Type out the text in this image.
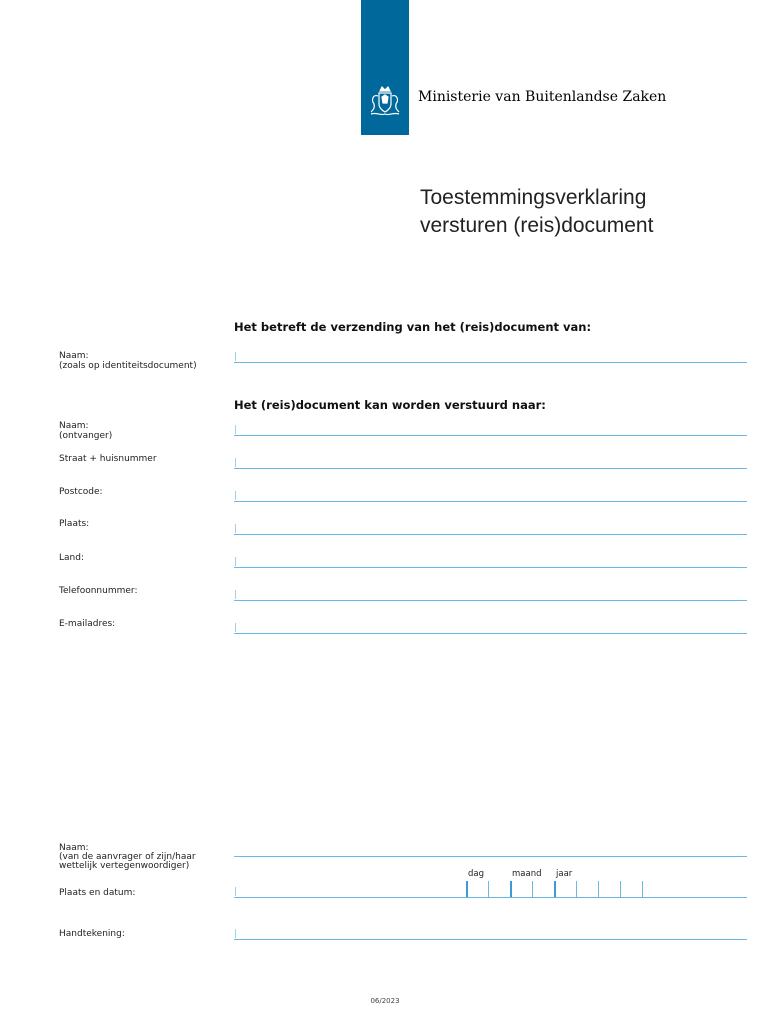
Ministerie van Buitenlandse Zaken
Toestemmingsverklaring
versturen (reis)document
Het betreft de verzending van het (reis)document van:
Naam:
(zoals op identiteitsdocument)
Het (reis)document kan worden verstuurd naar:
Naam:
(ontvanger)
Straat + huisnummer
Postcode:
Plaats:
Land:
Telefoonnummer:
E-mailadres:
Naam:
(van de aanvrager of zijn/haar
wettelijk vertegenwoordiger)
dag	maand jaar
Plaats en datum:
Handtekening:
06/2023
